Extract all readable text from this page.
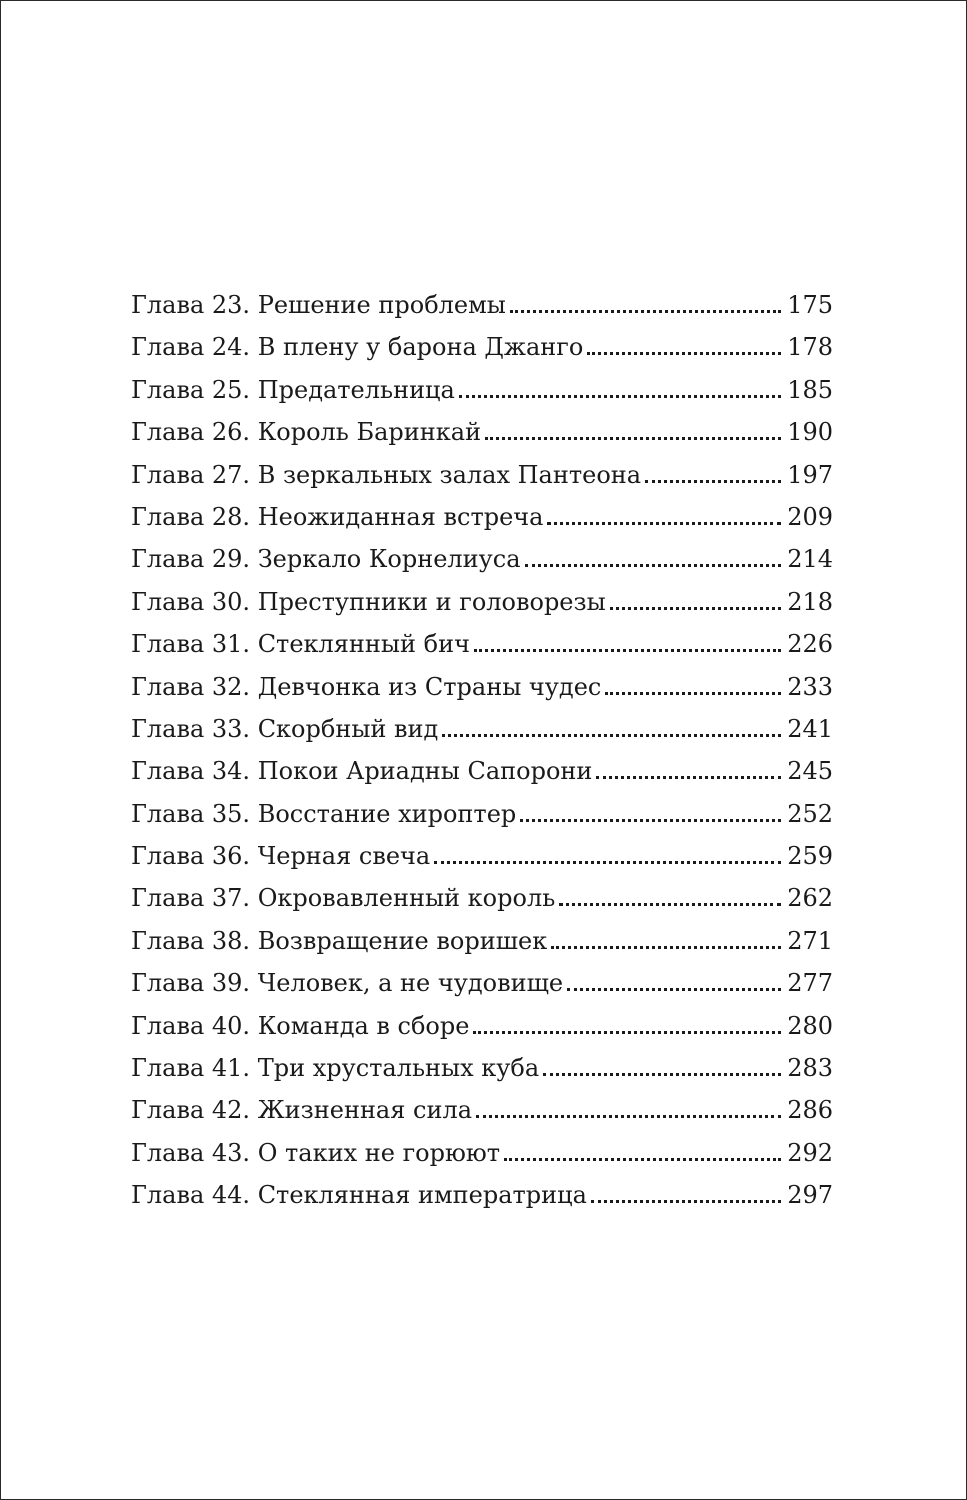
Глава 23. Решение проблемы	175
Глава 24. В плену у барона Джанго	178
Глава 25. Предательница	185
Глава 26. Король Баринкай	190
Глава 27. В зеркальных залах Пантеона	197
Глава 28. Неожиданная встреча	209
Глава 29. Зеркало Корнелиуса	214
Глава 30. Преступники и головорезы	218
Глава 31. Стеклянный бич	226
Глава 32. Девчонка из Страны чудес	233
Глава 33. Скорбный вид	241
Глава 34. Покои Ариадны Сапорони	245
Глава 35. Восстание хироптер	252
Глава 36. Черная свеча	259
Глава 37. Окровавленный король	262
Глава 38. Возвращение воришек	271
Глава 39. Человек, а не чудовище	277
Глава 40. Команда в сборе	280
Глава 41. Три хрустальных куба	283
Глава 42. Жизненная сила	286
Глава 43. О таких не горюют	292
Глава 44. Стеклянная императрица	297
